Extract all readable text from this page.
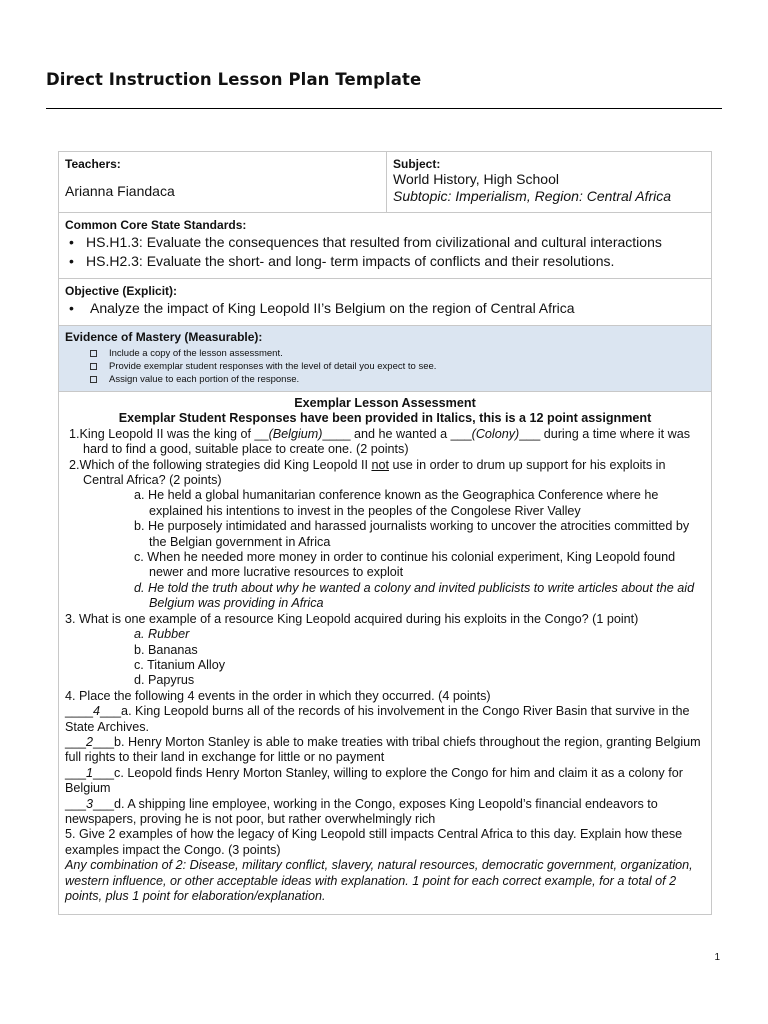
Direct Instruction Lesson Plan Template
Teachers:
Arianna Fiandaca
Subject:
World History, High School
Subtopic: Imperialism, Region: Central Africa
Common Core State Standards:
• HS.H1.3: Evaluate the consequences that resulted from civilizational and cultural interactions
• HS.H2.3: Evaluate the short- and long- term impacts of conflicts and their resolutions.
Objective (Explicit):
• Analyze the impact of King Leopold II’s Belgium on the region of Central Africa
Evidence of Mastery (Measurable):
Include a copy of the lesson assessment.
Provide exemplar student responses with the level of detail you expect to see.
Assign value to each portion of the response.
Exemplar Lesson Assessment
Exemplar Student Responses have been provided in Italics, this is a 12 point assignment
1.King Leopold II was the king of __(Belgium)____ and he wanted a ___(Colony)___ during a time where it was hard to find a good, suitable place to create one. (2 points)
2.Which of the following strategies did King Leopold II not use in order to drum up support for his exploits in Central Africa? (2 points)
a. He held a global humanitarian conference known as the Geographica Conference where he explained his intentions to invest in the peoples of the Congolese River Valley
b. He purposely intimidated and harassed journalists working to uncover the atrocities committed by the Belgian government in Africa
c. When he needed more money in order to continue his colonial experiment, King Leopold found newer and more lucrative resources to exploit
d. He told the truth about why he wanted a colony and invited publicists to write articles about the aid Belgium was providing in Africa
3. What is one example of a resource King Leopold acquired during his exploits in the Congo? (1 point)
a. Rubber
b. Bananas
c. Titanium Alloy
d. Papyrus
4. Place the following 4 events in the order in which they occurred. (4 points)
____4___a. King Leopold burns all of the records of his involvement in the Congo River Basin that survive in the State Archives.
___2___b. Henry Morton Stanley is able to make treaties with tribal chiefs throughout the region, granting Belgium full rights to their land in exchange for little or no payment
___1___c. Leopold finds Henry Morton Stanley, willing to explore the Congo for him and claim it as a colony for Belgium
___3___d. A shipping line employee, working in the Congo, exposes King Leopold’s financial endeavors to newspapers, proving he is not poor, but rather overwhelmingly rich
5. Give 2 examples of how the legacy of King Leopold still impacts Central Africa to this day. Explain how these examples impact the Congo. (3 points)
Any combination of 2: Disease, military conflict, slavery, natural resources, democratic government, organization, western influence, or other acceptable ideas with explanation. 1 point for each correct example, for a total of 2 points, plus 1 point for elaboration/explanation.
1
